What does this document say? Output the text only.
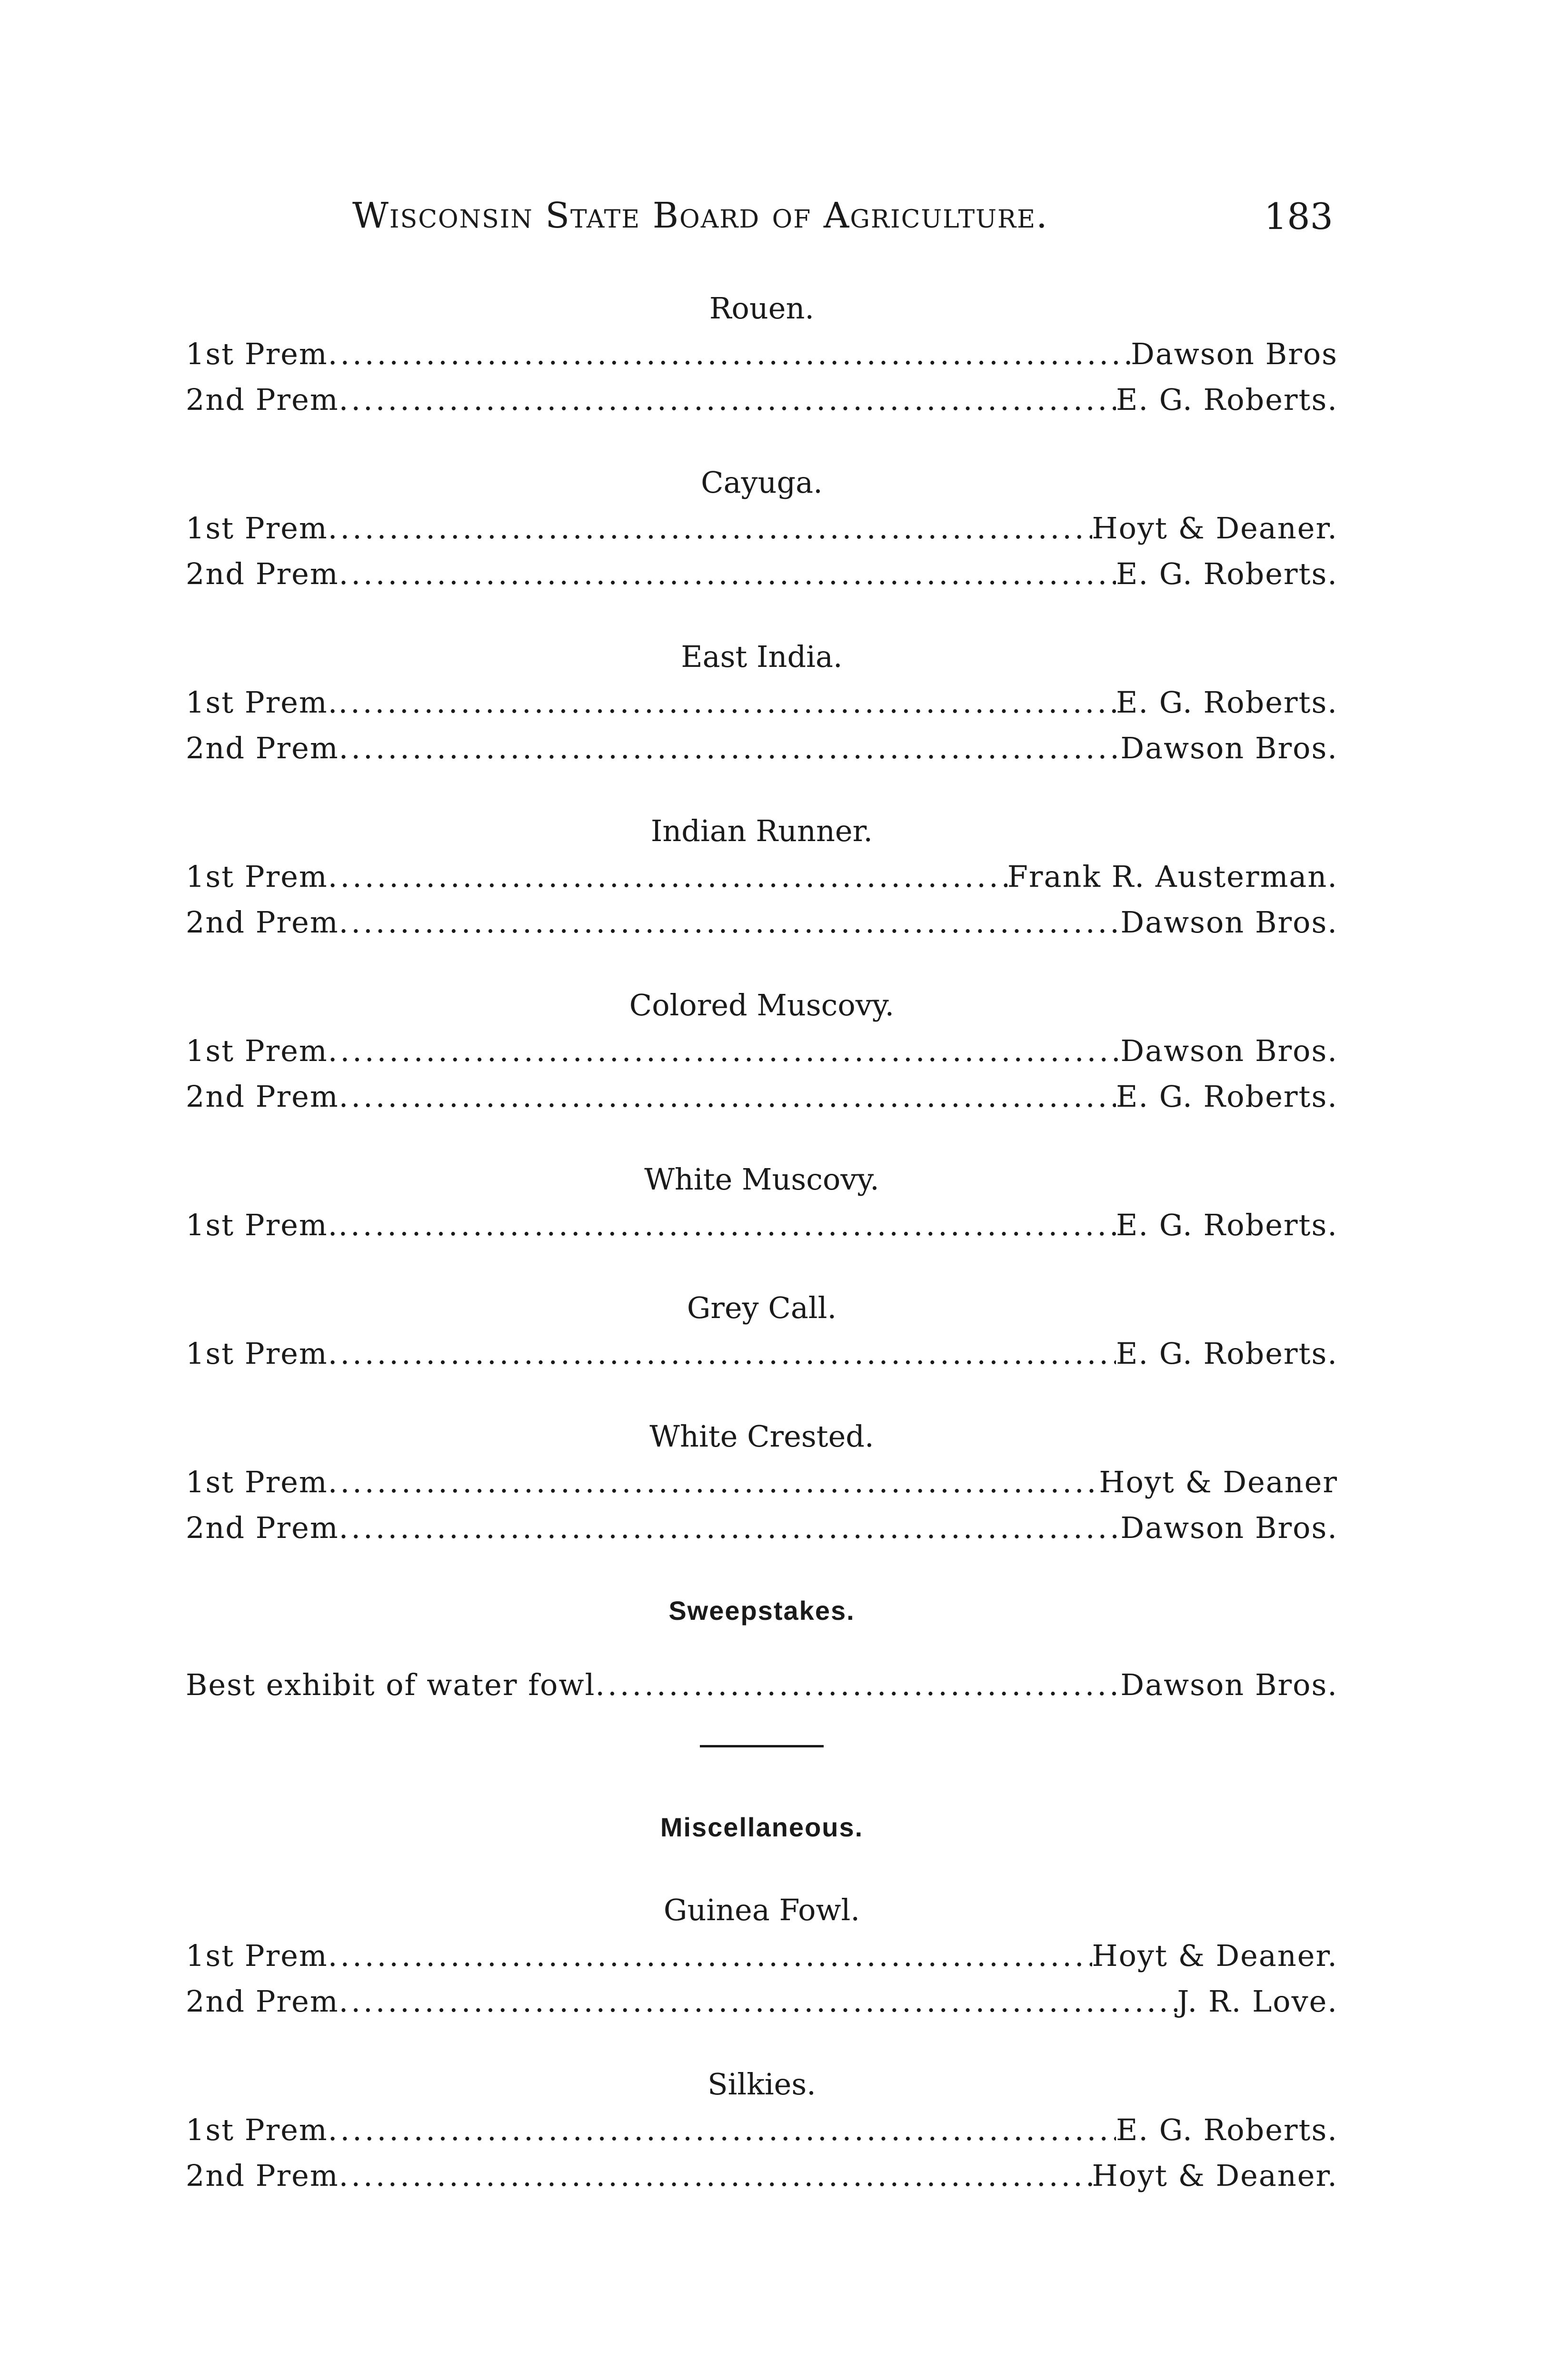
Wisconsin State Board of Agriculture.	183
Rouen.
1st Prem .....	Dawson Bros
2nd Prem .....	E. G. Roberts.
Cayuga.
1st Prem .....	Hoyt & Deaner.
2nd Prem .....	E. G. Roberts.
East India.
1st Prem. .....	E. G. Roberts.
2nd Prem .....	Dawson Bros.
Indian Runner.
1st Prem .....	Frank R. Austerman.
2nd Prem .....	Dawson Bros.
Colored Muscovy.
1st Prem .....	Dawson Bros.
2nd Prem .....	E. G. Roberts.
White Muscovy.
1st Prem. .....	E. G. Roberts.
Grey Call.
1st Prem .....	E. G. Roberts.
White Crested.
1st Prem .....	Hoyt & Deaner
2nd Prem .....	Dawson Bros.
Sweepstakes.
Best exhibit of water fowl .....	Dawson Bros.
Miscellaneous.
Guinea Fowl.
1st Prem .....	Hoyt & Deaner.
2nd Prem .....	J. R. Love.
Silkies.
1st Prem .....	E. G. Roberts.
2nd Prem .....	Hoyt & Deaner.
